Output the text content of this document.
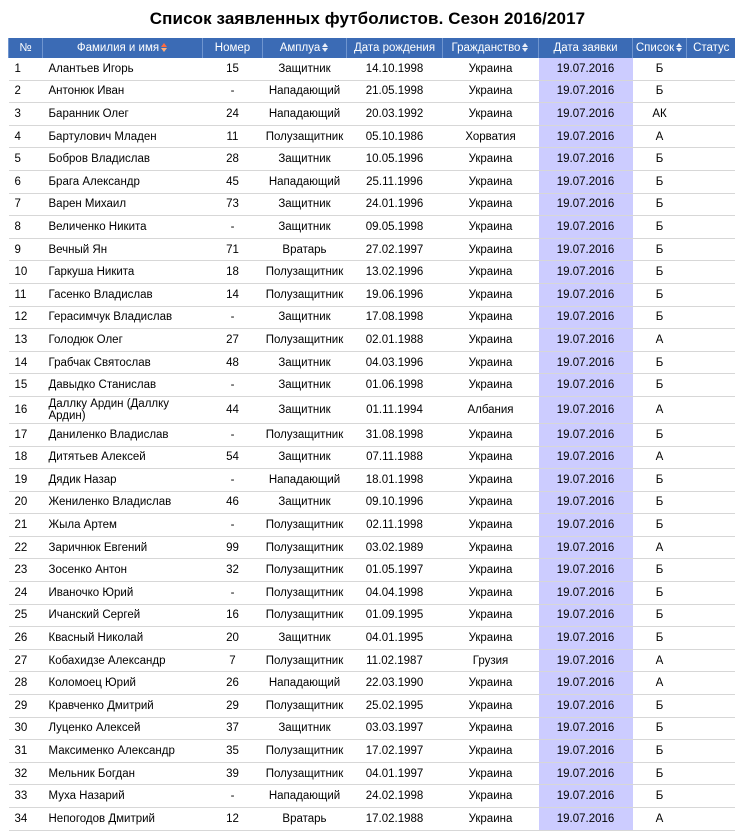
Список заявленных футболистов. Сезон 2016/2017
№	Фамилия и имя	Номер	Амплуа	Дата рождения	Гражданство	Дата заявки	Список	Статус
1	Алантьев Игорь	15	Защитник	14.10.1998	Украина	19.07.2016	Б	
2	Антонюк Иван	-	Нападающий	21.05.1998	Украина	19.07.2016	Б	
3	Баранник Олег	24	Нападающий	20.03.1992	Украина	19.07.2016	АК	
4	Бартулович Младен	11	Полузащитник	05.10.1986	Хорватия	19.07.2016	А	
5	Бобров Владислав	28	Защитник	10.05.1996	Украина	19.07.2016	Б	
6	Брага Александр	45	Нападающий	25.11.1996	Украина	19.07.2016	Б	
7	Варен Михаил	73	Защитник	24.01.1996	Украина	19.07.2016	Б	
8	Величенко Никита	-	Защитник	09.05.1998	Украина	19.07.2016	Б	
9	Вечный Ян	71	Вратарь	27.02.1997	Украина	19.07.2016	Б	
10	Гаркуша Никита	18	Полузащитник	13.02.1996	Украина	19.07.2016	Б	
11	Гасенко Владислав	14	Полузащитник	19.06.1996	Украина	19.07.2016	Б	
12	Герасимчук Владислав	-	Защитник	17.08.1998	Украина	19.07.2016	Б	
13	Голодюк Олег	27	Полузащитник	02.01.1988	Украина	19.07.2016	А	
14	Грабчак Святослав	48	Защитник	04.03.1996	Украина	19.07.2016	Б	
15	Давыдко Станислав	-	Защитник	01.06.1998	Украина	19.07.2016	Б	
16	Даллку Ардин (Даллку Ардин)	44	Защитник	01.11.1994	Албания	19.07.2016	А	
17	Даниленко Владислав	-	Полузащитник	31.08.1998	Украина	19.07.2016	Б	
18	Дитятьев Алексей	54	Защитник	07.11.1988	Украина	19.07.2016	А	
19	Дядик Назар	-	Нападающий	18.01.1998	Украина	19.07.2016	Б	
20	Жениленко Владислав	46	Защитник	09.10.1996	Украина	19.07.2016	Б	
21	Жыла Артем	-	Полузащитник	02.11.1998	Украина	19.07.2016	Б	
22	Заричнюк Евгений	99	Полузащитник	03.02.1989	Украина	19.07.2016	А	
23	Зосенко Антон	32	Полузащитник	01.05.1997	Украина	19.07.2016	Б	
24	Иваночко Юрий	-	Полузащитник	04.04.1998	Украина	19.07.2016	Б	
25	Ичанский Сергей	16	Полузащитник	01.09.1995	Украина	19.07.2016	Б	
26	Квасный Николай	20	Защитник	04.01.1995	Украина	19.07.2016	Б	
27	Кобахидзе Александр	7	Полузащитник	11.02.1987	Грузия	19.07.2016	А	
28	Коломоец Юрий	26	Нападающий	22.03.1990	Украина	19.07.2016	А	
29	Кравченко Дмитрий	29	Полузащитник	25.02.1995	Украина	19.07.2016	Б	
30	Луценко Алексей	37	Защитник	03.03.1997	Украина	19.07.2016	Б	
31	Максименко Александр	35	Полузащитник	17.02.1997	Украина	19.07.2016	Б	
32	Мельник Богдан	39	Полузащитник	04.01.1997	Украина	19.07.2016	Б	
33	Муха Назарий	-	Нападающий	24.02.1998	Украина	19.07.2016	Б	
34	Непогодов Дмитрий	12	Вратарь	17.02.1988	Украина	19.07.2016	А	
